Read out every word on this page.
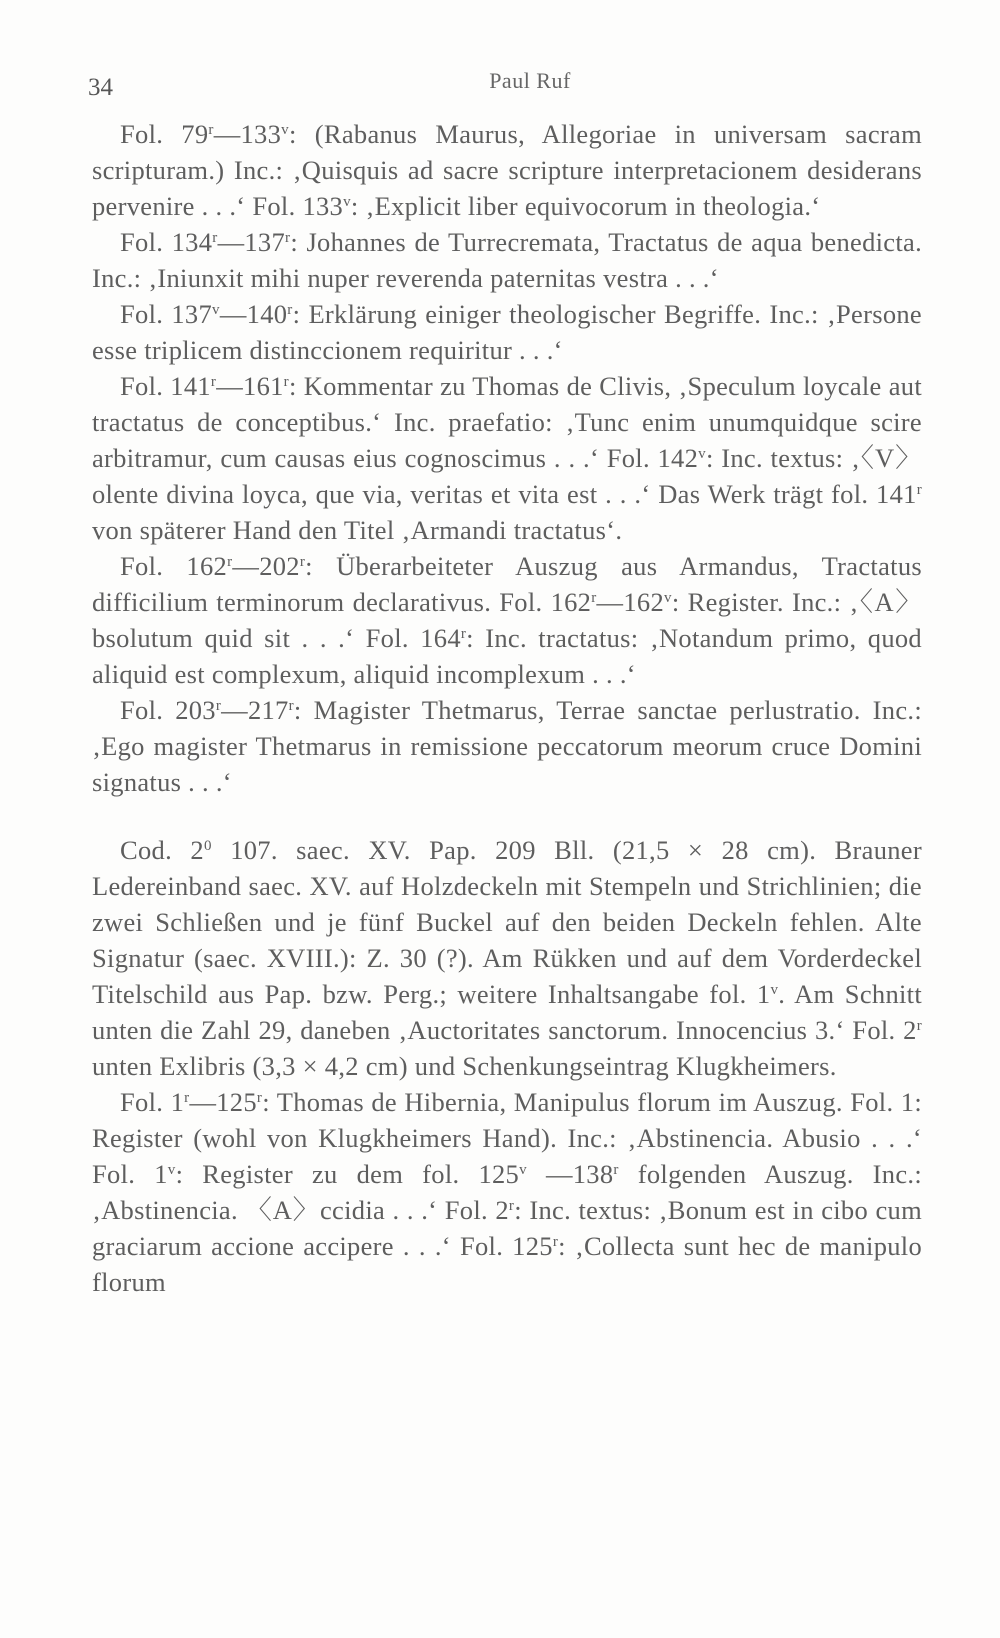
34	Paul Ruf

Fol. 79$^r$—133$^v$: (Rabanus Maurus, Allegoriae in universam sacram scripturam.) Inc.: ‚Quisquis ad sacre scripture interpretacionem desiderans pervenire . . .‘ Fol. 133$^v$: ‚Explicit liber equivocorum in theologia.‘

Fol. 134$^r$—137$^r$: Johannes de Turrecremata, Tractatus de aqua benedicta. Inc.: ‚Iniunxit mihi nuper reverenda paternitas vestra . . .‘

Fol. 137$^v$—140$^r$: Erklärung einiger theologischer Begriffe. Inc.: ‚Persone esse triplicem distinccionem requiritur . . .‘

Fol. 141$^r$—161$^r$: Kommentar zu Thomas de Clivis, ‚Speculum loycale aut tractatus de conceptibus.‘ Inc. praefatio: ‚Tunc enim unumquidque scire arbitramur, cum causas eius cognoscimus . . .‘ Fol. 142$^v$: Inc. textus: ‚〈V〉olente divina loyca, que via, veritas et vita est . . .‘ Das Werk trägt fol. 141$^r$ von späterer Hand den Titel ‚Armandi tractatus‘.

Fol. 162$^r$—202$^r$: Überarbeiteter Auszug aus Armandus, Tractatus difficilium terminorum declarativus. Fol. 162$^r$—162$^v$: Register. Inc.: ‚〈A〉bsolutum quid sit . . .‘ Fol. 164$^r$: Inc. tractatus: ‚Notandum primo, quod aliquid est complexum, aliquid incomplexum . . .‘

Fol. 203$^r$—217$^r$: Magister Thetmarus, Terrae sanctae perlustratio. Inc.: ‚Ego magister Thetmarus in remissione peccatorum meorum cruce Domini signatus . . .‘

Cod. $2^0$ 107. saec. XV. Pap. 209 Bll. (21,5 × 28 cm). Brauner Ledereinband saec. XV. auf Holzdeckeln mit Stempeln und Strichlinien; die zwei Schließen und je fünf Buckel auf den beiden Deckeln fehlen. Alte Signatur (saec. XVIII.): Z. 30 (?). Am Rükken und auf dem Vorderdeckel Titelschild aus Pap. bzw. Perg.; weitere Inhaltsangabe fol. 1$^v$. Am Schnitt unten die Zahl 29, daneben ‚Auctoritates sanctorum. Innocencius 3.‘ Fol. 2$^r$ unten Exlibris (3,3 × 4,2 cm) und Schenkungseintrag Klugkheimers.

Fol. 1$^r$—125$^r$: Thomas de Hibernia, Manipulus florum im Auszug. Fol. 1: Register (wohl von Klugkheimers Hand). Inc.: ‚Abstinencia. Abusio . . .‘ Fol. 1$^v$: Register zu dem fol. 125$^v$ —138$^r$ folgenden Auszug. Inc.: ‚Abstinencia. 〈A〉ccidia . . .‘ Fol. 2$^r$: Inc. textus: ‚Bonum est in cibo cum graciarum accione accipere . . .‘ Fol. 125$^r$: ‚Collecta sunt hec de manipulo florum
